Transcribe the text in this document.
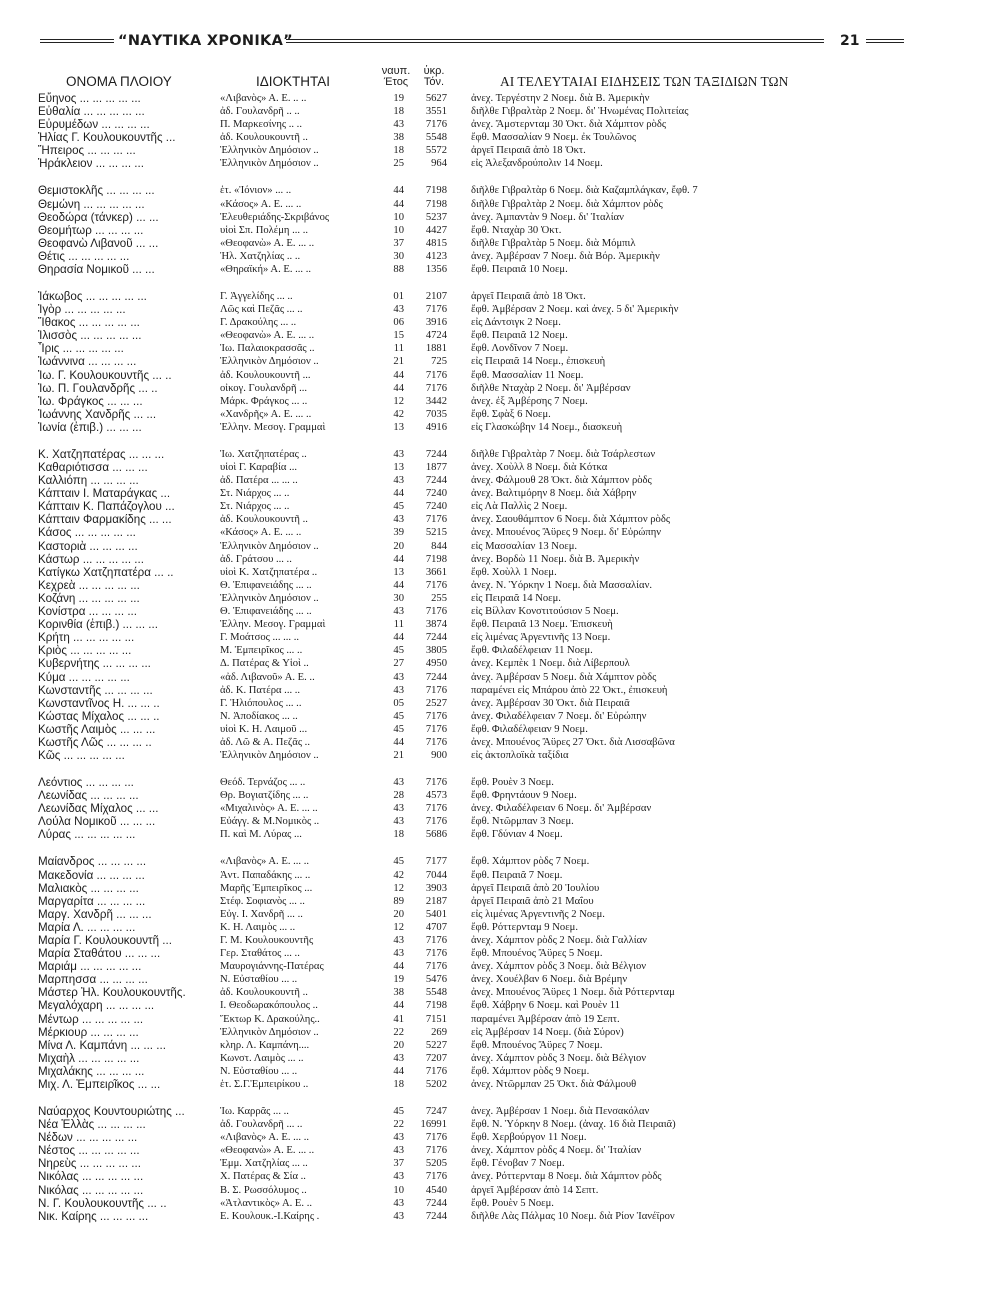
“ΝΑΥΤΙΚΑ ΧΡΟΝΙΚΑ”	21
ΟΝΟΜΑ ΠΛΟΙΟΥ	ΙΔΙΟΚΤΗΤΑΙ
ναυπ.
Έτος
ὑκρ.
Τόν.	ΑΙ ΤΕΛΕΥΤΑΙΑΙ ΕΙΔΗΣΕΙΣ ΤΩΝ ΤΑΞΙΔΙΩΝ ΤΩΝ
Εὔηνος ... ... ... ... ...	«Λιβανὸς» Α. Ε. .. ..	19	5627 ἀνεχ. Τεργέστην 2 Νοεμ. διὰ Β. Ἀμερικὴν
Εὐθαλία ... ... ... ... ...	ἀδ. Γουλανδρῆ .. ..	18	3551 διῆλθε Γιβραλτὰρ 2 Νοεμ. δι' Ἡνωμένας Πολιτείας
Εὐρυμέδων ... ... ... ...	Π. Μαρκεσίνης .. ..	43	7176 ἀνεχ. Ἄμστερνταμ 30 Ὀκτ. διὰ Χάμπτον ρὸδς
Ἠλίας Γ. Κουλουκουντῆς ...	ἀδ. Κουλουκουντῆ ..	38	5548 ἔφθ. Μασσαλίαν 9 Νοεμ. ἐκ Τουλῶνος
Ἤπειρος ... ... ... ...	Ἑλληνικὸν Δημόσιον ..	18	5572 ἀργεῖ Πειραιᾶ ἀπὸ 18 Ὀκτ.
Ἡράκλειον ... ... ... ...	Ἑλληνικὸν Δημόσιον ..	25	964 εἰς Ἀλεξανδρούπολιν 14 Νοεμ.
Θεμιστοκλῆς ... ... ... ...	ἑτ. «Ἰόνιον» ... ..	44	7198 διῆλθε Γιβραλτὰρ 6 Νοεμ. διὰ Καζαμπλάγκαν, ἔφθ. 7
Θεμώνη ... ... ... ... ...	«Κάσος» Α. Ε. ... ..	44	7198 διῆλθε Γιβραλτὰρ 2 Νοεμ. διὰ Χάμπτον ρὸδς
Θεοδώρα (τάνκερ) ... ...	Ἐλευθεριάδης-Σκριβάνος	10	5237 ἀνεχ. Ἀμπαντὰν 9 Νοεμ. δι' Ἰταλίαν
Θεομήτωρ ... ... ... ...	υἱοὶ Σπ. Πολέμη ... ..	10	4427 ἔφθ. Νταχὰρ 30 Ὀκτ.
Θεοφανὼ Λιβανοῦ ... ...	«Θεοφανὼ» Α. Ε. ... ..	37	4815 διῆλθε Γιβραλτὰρ 5 Νοεμ. διὰ Μόμπιλ
Θέτις ... ... ... ... ...	Ἠλ. Χατζηλίας .. ..	30	4123 ἀνεχ. Ἀμβέρσαν 7 Νοεμ. διὰ Βόρ. Ἀμερικὴν
Θηρασία Νομικοῦ ... ...	«Θηραϊκή» Α. Ε. ... ..	88	1356 ἔφθ. Πειραιᾶ 10 Νοεμ.
Ἰάκωβος ... ... ... ... ...	Γ. Ἀγγελίδης ... ..	01	2107 ἀργεῖ Πειραιᾶ ἀπὸ 18 Ὀκτ.
Ἰγὸρ ... ... ... ... ...	Λῶς καὶ Πεζᾶς ... ..	43	7176 ἔφθ. Ἀμβέρσαν 2 Νοεμ. καὶ ἀνεχ. 5 δι' Ἀμερικὴν
Ἴθακος ... ... ... ... ...	Γ. Δρακούλης ... ..	06	3916 εἰς Δάντσιγκ 2 Νοεμ.
Ἰλισσὸς ... ... ... ... ...	«Θεοφανὼ» Α. Ε. ... ..	15	4724 ἔφθ. Πειραιᾶ 12 Νοεμ.
Ἶρις ... ... ... ... ...	Ἰω. Παλαιοκρασσᾶς ..	11	1881 ἔφθ. Λονδῖνον 7 Νοεμ.
Ἰωάννινα ... ... ... ...	Ἑλληνικὸν Δημόσιον ..	21	725 εἰς Πειραιᾶ 14 Νοεμ., ἐπισκευὴ
Ἰω. Γ. Κουλουκουντῆς ... ..	ἀδ. Κουλουκουντῆ ...	44	7176 ἔφθ. Μασσαλίαν 11 Νοεμ.
Ἰω. Π. Γουλανδρῆς ... ..	οἰκογ. Γουλανδρῆ ...	44	7176 διῆλθε Νταχὰρ 2 Νοεμ. δι' Ἀμβέρσαν
Ἰω. Φράγκος ... ... ...	Μάρκ. Φράγκος ... ..	12	3442 ἀνεχ. ἐξ Ἀμβέρσης 7 Νοεμ.
Ἰωάννης Χανδρῆς ... ...	«Χανδρῆς» Α. Ε. ... ..	42	7035 ἔφθ. Σφὰξ 6 Νοεμ.
Ἰωνία (ἐπιβ.) ... ... ...	Ἑλλην. Μεσογ. Γραμμαὶ	13	4916 εἰς Γλασκώβην 14 Νοεμ., διασκευὴ
Κ. Χατζηπατέρας ... ... ...	Ἰω. Χατζηπατέρας ..	43	7244 διῆλθε Γιβραλτὰρ 7 Νοεμ. διὰ Τσάρλεστων
Καθαριότισσα ... ... ...	υἱοὶ Γ. Καραβία ...	13	1877 ἀνεχ. Χοὺλλ 8 Νοεμ. διὰ Κότκα
Καλλιόπη ... ... ... ...	ἀδ. Πατέρα ... ... ..	43	7244 ἀνεχ. Φάλμουθ 28 Ὀκτ. διὰ Χάμπτον ρὸδς
Κάπταιν Ι. Ματαράγκας ...	Στ. Νιάρχος ... ..	44	7240 ἀνεχ. Βαλτιμόρην 8 Νοεμ. διὰ Χάβρην
Κάπταιν Κ. Παπάζογλου ...	Στ. Νιάρχος ... ..	45	7240 εἰς Λὰ Παλλὶς 2 Νοεμ.
Κάπταιν Φαρμακίδης ... ...	ἀδ. Κουλουκουντῆ ..	43	7176 ἀνεχ. Σαουθάμπτον 6 Νοεμ. διὰ Χάμπτον ρὸδς
Κάσος ... ... ... ... ...	«Κάσος» Α. Ε. ... ..	39	5215 ἀνεχ. Μπουένος Ἄϋρες 9 Νοεμ. δι' Εὐρώπην
Καστοριὰ ... ... ... ...	Ἑλληνικὸν Δημόσιον ..	20	844 εἰς Μασσαλίαν 13 Νοεμ.
Κάστωρ ... ... ... ... ...	ἀδ. Γράτσου ... ..	44	7198 ἀνεχ. Βορδὼ 11 Νοεμ. διὰ Β. Ἀμερικὴν
Κατίγκω Χατζηπατέρα ... ..	υἱοὶ Κ. Χατζηπατέρα ..	13	3661 ἔφθ. Χοὺλλ 1 Νοεμ.
Κεχρεὰ ... ... ... ... ...	Θ. Ἐπιφανειάδης ... ..	44	7176 ἀνεχ. Ν. Ὑόρκην 1 Νοεμ. διὰ Μασσαλίαν.
Κοζάνη ... ... ... ... ...	Ἑλληνικὸν Δημόσιον ..	30	255 εἰς Πειραιᾶ 14 Νοεμ.
Κονίστρα ... ... ... ...	Θ. Ἐπιφανειάδης ... ..	43	7176 εἰς Βίλλαν Κονστιτούσιον 5 Νοεμ.
Κορινθία (ἐπιβ.) ... ... ...	Ἑλλην. Μεσογ. Γραμμαὶ	11	3874 ἔφθ. Πειραιᾶ 13 Νοεμ. Ἐπισκευὴ
Κρήτη ... ... ... ... ...	Γ. Μοάτσος ... ... ..	44	7244 εἰς λιμένας Ἀργεντινῆς 13 Νοεμ.
Κριὸς ... ... ... ... ...	Μ. Ἐμπειρῖκος ... ..	45	3805 ἔφθ. Φιλαδέλφειαν 11 Νοεμ.
Κυβερνήτης ... ... ... ...	Δ. Πατέρας & Υἱοὶ ..	27	4950 ἀνεχ. Κεμπὲκ 1 Νοεμ. διὰ Λίβερπουλ
Κύμα ... ... ... ... ...	«ἀδ. Λιβανοῦ» Α. Ε. ..	43	7244 ἀνεχ. Ἀμβέρσαν 5 Νοεμ. διὰ Χάμπτον ρὸδς
Κωνσταντῆς ... ... ... ...	ἀδ. Κ. Πατέρα ... ..	43	7176 παραμένει εἰς Μπάρου ἀπὸ 22 Ὀκτ., ἐπισκευὴ
Κωνσταντῖνος Η. ... ... ..	Γ. Ἠλιόπουλος ... ..	05	2527 ἀνεχ. Ἀμβέρσαν 30 Ὀκτ. διὰ Πειραιᾶ
Κώστας Μίχαλος ... ... ..	Ν. Ἀποδίακος ... ..	45	7176 ἀνεχ. Φιλαδέλφειαν 7 Νοεμ. δι' Εὐρώπην
Κωστῆς Λαιμὸς ... ... ...	υἱοὶ Κ. Η. Λαιμοῦ ...	45	7176 ἔφθ. Φιλαδέλφειαν 9 Νοεμ.
Κωστῆς Λῶς ... ... ... ..	ἀδ. Λῶ & Α. Πεζᾶς ..	44	7176 ἀνεχ. Μπουένος Ἄϋρες 27 Ὀκτ. διὰ Λισσαβῶνα
Κῶς ... ... ... ... ...	Ἑλληνικὸν Δημόσιον ..	21	900 εἰς ἀκτοπλοϊκὰ ταξίδια
Λεόντιος ... ... ... ...	Θεόδ. Τερνάζος ... ..	43	7176 ἔφθ. Ρουὲν 3 Νοεμ.
Λεωνίδας ... ... ... ...	Θρ. Βογιατζίδης ... ..	28	4573 ἔφθ. Φρηντάουν 9 Νοεμ.
Λεωνίδας Μίχαλος ... ...	«Μιχαλινὸς» Α. Ε. ... ..	43	7176 ἀνεχ. Φιλαδέλφειαν 6 Νοεμ. δι' Ἀμβέρσαν
Λούλα Νομικοῦ ... ... ...	Εὐάγγ. & Μ.Νομικὸς ..	43	7176 ἔφθ. Ντῶρμπαν 3 Νοεμ.
Λύρας ... ... ... ... ...	Π. καὶ Μ. Λύρας ...	18	5686 ἔφθ. Γδύνιαν 4 Νοεμ.
Μαίανδρος ... ... ... ...	«Λιβανὸς» Α. Ε. ... ..	45	7177 ἔφθ. Χάμπτον ρὸδς 7 Νοεμ.
Μακεδονία ... ... ... ...	Ἀντ. Παπαδάκης ... ..	42	7044 ἔφθ. Πειραιᾶ 7 Νοεμ.
Μαλιακὸς ... ... ... ...	Μαρῆς Ἐμπειρῖκος ...	12	3903 ἀργεῖ Πειραιᾶ ἀπὸ 20 Ἰουλίου
Μαργαρίτα ... ... ... ...	Στέφ. Σοφιανὸς ... ..	89	2187 ἀργεῖ Πειραιᾶ ἀπὸ 21 Μαΐου
Μαργ. Χανδρῆ ... ... ...	Εὐγ. Ι. Χανδρῆ ... ..	20	5401 εἰς λιμένας Ἀργεντινῆς 2 Νοεμ.
Μαρία Λ. ... ... ... ...	Κ. Η. Λαιμὸς ... ..	12	4707 ἔφθ. Ρόττερνταμ 9 Νοεμ.
Μαρία Γ. Κουλουκουντῆ ...	Γ. Μ. Κουλουκουντῆς	43	7176 ἀνεχ. Χάμπτον ρὸδς 2 Νοεμ. διὰ Γαλλίαν
Μαρία Σταθάτου ... ... ...	Γερ. Σταθάτος ... ..	43	7176 ἔφθ. Μπουένος Ἄϋρες 5 Νοεμ.
Μαριάμ ... ... ... ... ...	Μαυρογιάννης-Πατέρας	44	7176 ἀνεχ. Χάμπτον ρὸδς 3 Νοεμ. διὰ Βέλγιον
Μαρπησσα ... ... ... ...	Ν. Εὐσταθίου ... ..	19	5476 ἀνεχ. Χουέλβαν 6 Νοεμ. διὰ Βρέμην
Μάστερ Ἠλ. Κουλουκουντῆς.	ἀδ. Κουλουκουντῆ ..	38	5548 ἀνεχ. Μπουένος Ἄϋρες 1 Νοεμ. διὰ Ρόττερνταμ
Μεγαλόχαρη ... ... ... ...	Ι. Θεοδωρακόπουλος ..	44	7198 ἔφθ. Χάβρην 6 Νοεμ. καὶ Ρουὲν 11
Μέντωρ ... ... ... ... ...	Ἕκτωρ Κ. Δρακούλης..	41	7151 παραμένει Ἀμβέρσαν ἀπὸ 19 Σεπτ.
Μέρκιουρ ... ... ... ...	Ἑλληνικὸν Δημόσιον ..	22	269 εἰς Ἀμβέρσαν 14 Νοεμ. (διὰ Σύρον)
Μίνα Λ. Καμπάνη ... ... ...	κληρ. Λ. Καμπάνη....	20	5227 ἔφθ. Μπουένος Ἄϋρες 7 Νοεμ.
Μιχαὴλ ... ... ... ... ...	Κωνστ. Λαιμὸς ... ..	43	7207 ἀνεχ. Χάμπτον ρὸδς 3 Νοεμ. διὰ Βέλγιον
Μιχαλάκης ... ... ... ...	Ν. Εὐσταθίου ... ..	44	7176 ἔφθ. Χάμπτον ρὸδς 9 Νοεμ.
Μιχ. Λ. Ἐμπειρῖκος ... ...	ἑτ. Σ.Γ.Ἐμπειρίκου ..	18	5202 ἀνεχ. Ντῶρμπαν 25 Ὀκτ. διὰ Φάλμουθ
Ναύαρχος Κουντουριώτης ...	Ἰω. Καρρᾶς ... ..	45	7247 ἀνεχ. Ἀμβέρσαν 1 Νοεμ. διὰ Πενσακόλαν
Νέα Ἑλλὰς ... ... ... ...	ἀδ. Γουλανδρῆ ... ..	22	16991 ἔφθ. Ν. Ὑόρκην 8 Νοεμ. (ἀναχ. 16 διὰ Πειραιᾶ)
Νέδων ... ... ... ... ...	«Λιβανὸς» Α. Ε. ... ..	43	7176 ἔφθ. Χερβούργον 11 Νοεμ.
Νέστος ... ... ... ... ...	«Θεοφανὼ» Α. Ε. ... ..	43	7176 ἀνεχ. Χάμπτον ρὸδς 4 Νοεμ. δι' Ἰταλίαν
Νηρεὺς ... ... ... ... ...	Ἐμμ. Χατζηλίας ... ..	37	5205 ἔφθ. Γένοβαν 7 Νοεμ.
Νικόλας ... ... ... ... ...	Χ. Πατέρας & Σία ..	43	7176 ἀνεχ. Ρόττερνταμ 8 Νοεμ. διὰ Χάμπτον ρὸδς
Νικόλας ... ... ... ... ...	Β. Σ. Ρωσσόλυμος ..	10	4540 ἀργεῖ Ἀμβέρσαν ἀπὸ 14 Σεπτ.
Ν. Γ. Κουλουκουντῆς ... ..	«Ἀτλαντικὸς» Α. Ε. ..	43	7244 ἔφθ. Ρουὲν 5 Νοεμ.
Νικ. Καίρης ... ... ... ...	Ε. Κουλουκ.-Ι.Καίρης .	43	7244 διῆλθε Λὰς Πάλμας 10 Νοεμ. διὰ Ρίον Ἰανέϊρον
